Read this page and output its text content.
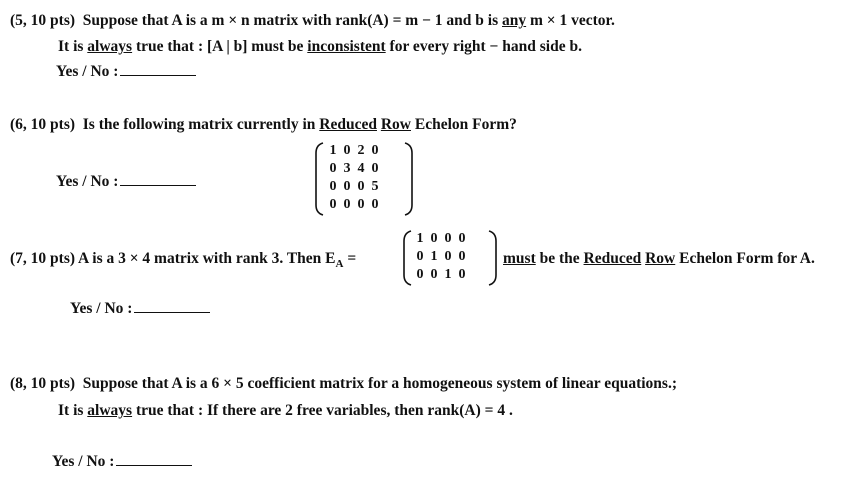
(5, 10 pts) Suppose that A is a m × n matrix with rank(A) = m − 1 and b is any m × 1 vector.
It is always true that : [A | b] must be inconsistent for every right − hand side b.
Yes / No :
(6, 10 pts) Is the following matrix currently in Reduced Row Echelon Form?
Yes / No :
1 0 2 0
0 3 4 0
0 0 0 5
0 0 0 0
(7, 10 pts) A is a 3 × 4 matrix with rank 3. Then $E_A$ =
1 0 0 0
0 1 0 0
0 0 1 0
must be the Reduced Row Echelon Form for A.
Yes / No :
(8, 10 pts) Suppose that A is a 6 × 5 coefficient matrix for a homogeneous system of linear equations.;
It is always true that : If there are 2 free variables, then rank(A) = 4 .
Yes / No :
